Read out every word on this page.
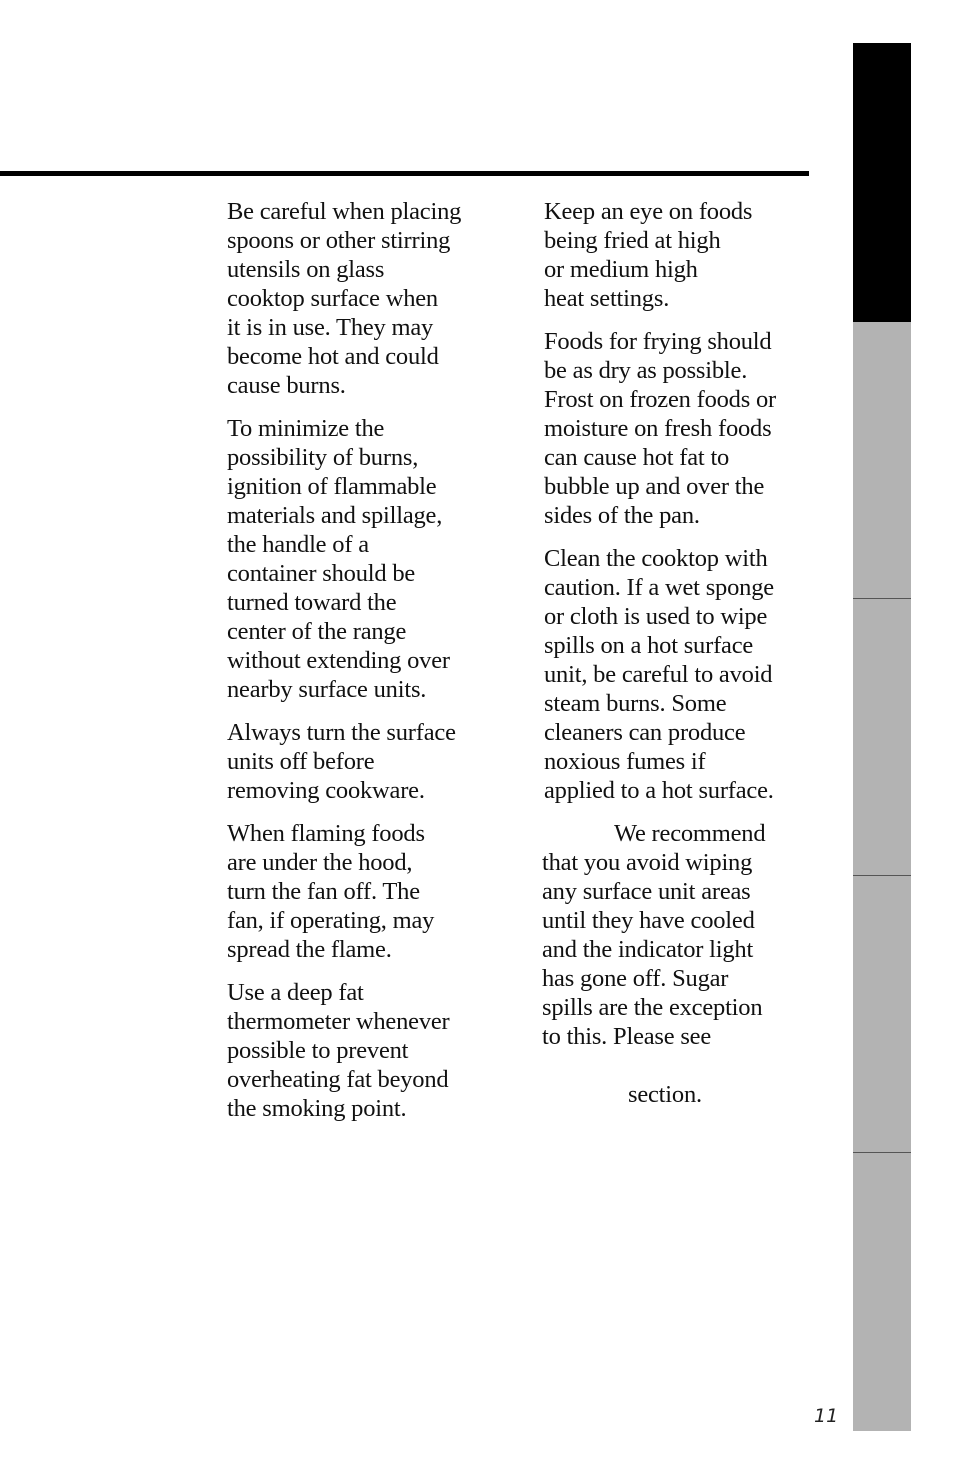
Be careful when placing
spoons or other stirring
utensils on glass
cooktop surface when
it is in use. They may
become hot and could
cause burns.

To minimize the
possibility of burns,
ignition of flammable
materials and spillage,
the handle of a
container should be
turned toward the
center of the range
without extending over
nearby surface units.

Always turn the surface
units off before
removing cookware.

When flaming foods
are under the hood,
turn the fan off. The
fan, if operating, may
spread the flame.

Use a deep fat
thermometer whenever
possible to prevent
overheating fat beyond
the smoking point.

Keep an eye on foods
being fried at high
or medium high
heat settings.

Foods for frying should
be as dry as possible.
Frost on frozen foods or
moisture on fresh foods
can cause hot fat to
bubble up and over the
sides of the pan.

Clean the cooktop with
caution. If a wet sponge
or cloth is used to wipe
spills on a hot surface
unit, be careful to avoid
steam burns. Some
cleaners can produce
noxious fumes if
applied to a hot surface.

We recommend
that you avoid wiping
any surface unit areas
until they have cooled
and the indicator light
has gone off. Sugar
spills are the exception
to this. Please see

section.

11
